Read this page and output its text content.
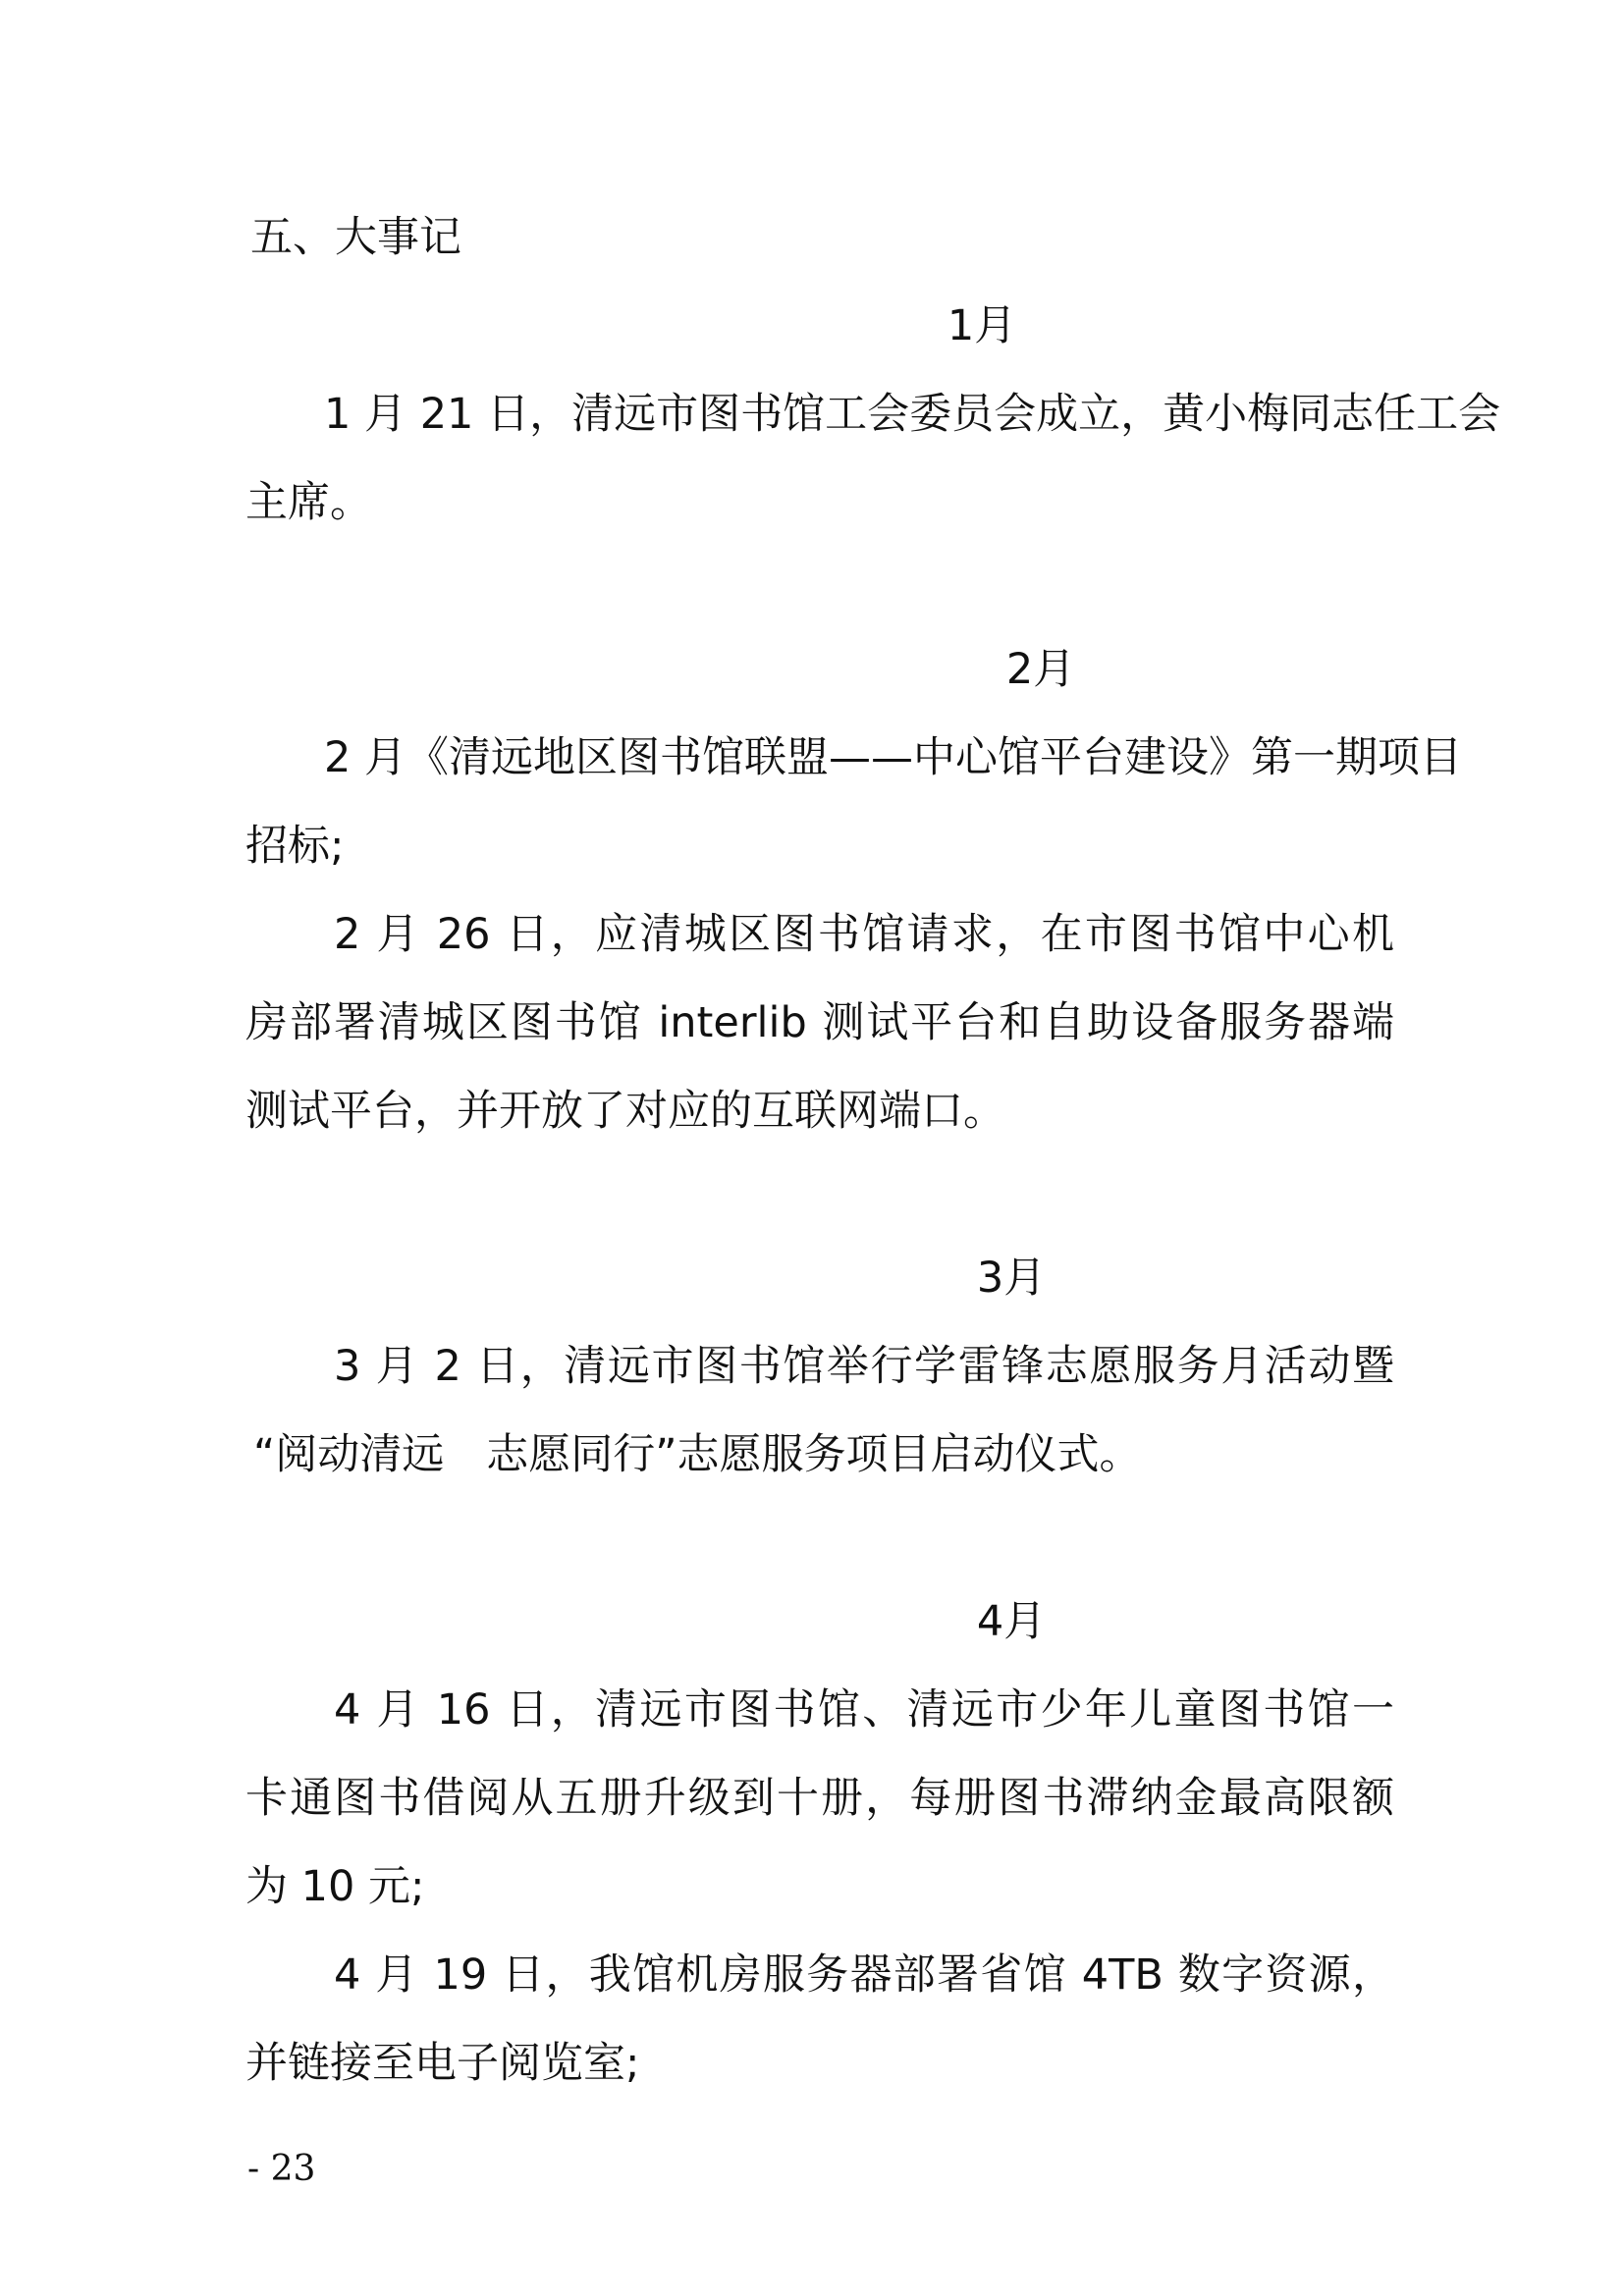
五、大事记
1月
1 月 21 日，清远市图书馆工会委员会成立，黄小梅同志任工会
主席。
2月
2 月《清远地区图书馆联盟——中心馆平台建设》第一期项目
招标;
2 月 26 日，应清城区图书馆请求，在市图书馆中心机
房部署清城区图书馆 interlib 测试平台和自助设备服务器端
测试平台，并开放了对应的互联网端口。
3月
3 月 2 日，清远市图书馆举行学雷锋志愿服务月活动暨
“阅动清远　志愿同行”志愿服务项目启动仪式。
4月
4 月 16 日，清远市图书馆、清远市少年儿童图书馆一
卡通图书借阅从五册升级到十册，每册图书滞纳金最高限额
为 10 元;
4 月 19 日，我馆机房服务器部署省馆 4TB 数字资源，
并链接至电子阅览室;
- 23
